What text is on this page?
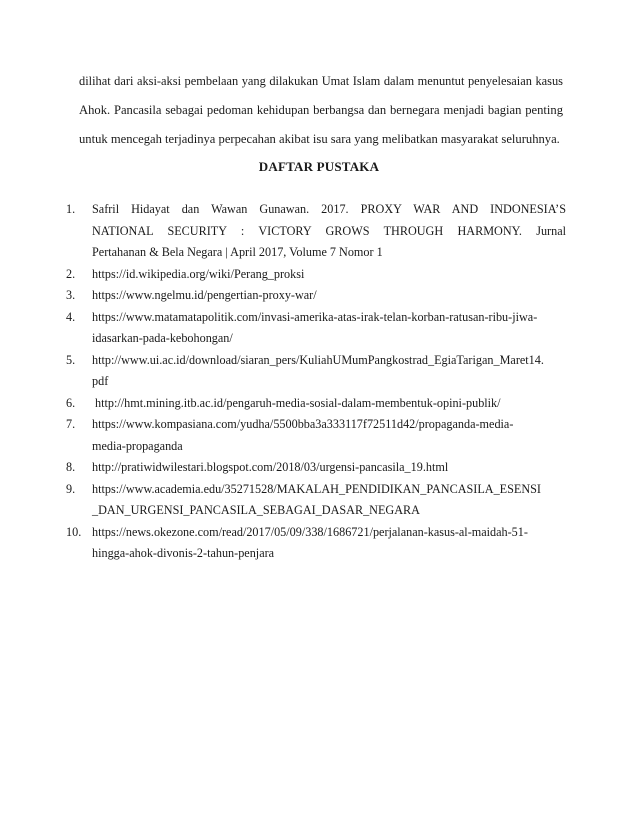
dilihat dari aksi-aksi pembelaan yang dilakukan Umat Islam dalam menuntut penyelesaian kasus
Ahok. Pancasila sebagai pedoman kehidupan berbangsa dan bernegara menjadi bagian penting
untuk mencegah terjadinya perpecahan akibat isu sara yang melibatkan masyarakat seluruhnya.
DAFTAR PUSTAKA
1. Safril Hidayat dan Wawan Gunawan. 2017. PROXY WAR AND INDONESIA’S
NATIONAL SECURITY : VICTORY GROWS THROUGH HARMONY. Jurnal
Pertahanan & Bela Negara | April 2017, Volume 7 Nomor 1
2. https://id.wikipedia.org/wiki/Perang_proksi
3. https://www.ngelmu.id/pengertian-proxy-war/
4. https://www.matamatapolitik.com/invasi-amerika-atas-irak-telan-korban-ratusan-ribu-jiwa-
idasarkan-pada-kebohongan/
5. http://www.ui.ac.id/download/siaran_pers/KuliahUMumPangkostrad_EgiaTarigan_Maret14.
pdf
6. http://hmt.mining.itb.ac.id/pengaruh-media-sosial-dalam-membentuk-opini-publik/
7. https://www.kompasiana.com/yudha/5500bba3a333117f72511d42/propaganda-media-
media-propaganda
8. http://pratiwidwilestari.blogspot.com/2018/03/urgensi-pancasila_19.html
9. https://www.academia.edu/35271528/MAKALAH_PENDIDIKAN_PANCASILA_ESENSI
_DAN_URGENSI_PANCASILA_SEBAGAI_DASAR_NEGARA
10. https://news.okezone.com/read/2017/05/09/338/1686721/perjalanan-kasus-al-maidah-51-
hingga-ahok-divonis-2-tahun-penjara
